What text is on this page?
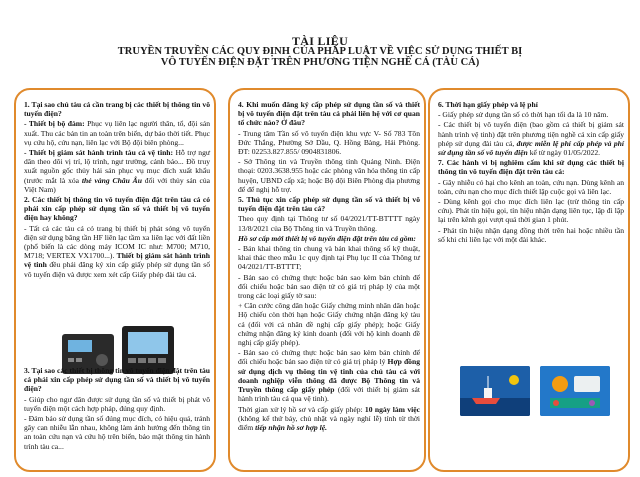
TÀI LIỆU
TRUYỀN TRUYỀN CÁC QUY ĐỊNH CỦA PHÁP LUẬT VỀ VIỆC SỬ DỤNG THIẾT BỊ
VÔ TUYẾN ĐIỆN ĐẶT TRÊN PHƯƠNG TIỆN NGHỀ CÁ (TÀU CÁ)

1. Tại sao chủ tàu cá cần trang bị các thiết bị thông tin vô tuyến điện?

- Thiết bị bộ đàm: Phục vụ liên lạc người thân, tổ, đội sản xuất. Thu các bản tin an toàn trên biển, dự báo thời tiết. Phục vụ cứu hộ, cứu nạn, liên lạc với Bộ đội biên phòng...

- Thiết bị giám sát hành trình tàu cá vệ tinh: Hỗ trợ ngư dân theo dõi vị trí, lộ trình, ngư trường, cảnh báo... Đồ truy xuất nguồn gốc thủy hải sản phục vụ mục đích xuất khẩu (trước mắt là xóa thẻ vàng Châu Âu đối với thủy sản của Việt Nam)

2. Các thiết bị thông tin vô tuyến điện đặt trên tàu cá có phải xin cấp phép sử dụng tần số và thiết bị vô tuyến điện hay không?

- Tất cả các tàu cá có trang bị thiết bị phát sóng vô tuyến điện sử dụng băng tần HF liên lạc tầm xa liên lạc với đất liền (phổ biến là các dòng máy ICOM IC như: M700; M710, M718; VERTEX VX1700...). Thiết bị giám sát hành trình vệ tinh đều phải đăng ký xin cấp giấy phép sử dụng tần số vô tuyến điện và được xem xét cấp Giấy phép đài tàu cá.

3. Tại sao các thiết bị thông tin vô tuyến điện đặt trên tàu cá phải xin cấp phép sử dụng tần số và thiết bị vô tuyến điện?

- Giúp cho ngư dân được sử dụng tần số và thiết bị phát vô tuyến điện một cách hợp pháp, đúng quy định.

- Đảm bảo sử dụng tần số đúng mục đích, có hiệu quả, tránh gây can nhiễu lẫn nhau, không làm ảnh hưởng đến thông tin an toàn cứu nạn và cứu hộ trên biển, bảo mật thông tin hành trình tàu ca...

4. Khi muốn đăng ký cấp phép sử dụng tần số và thiết bị vô tuyến điện đặt trên tàu cá phải liên hệ với cơ quan tổ chức nào? Ở đâu?

- Trung tâm Tần số vô tuyến điện khu vực V- Số 783 Tôn Đức Thắng, Phường Sở Dầu, Q. Hồng Bàng, Hải Phòng. ĐT: 02253.827.855/ 0904831806.

- Sở Thông tin và Truyền thông tỉnh Quảng Ninh. Điện thoại: 0203.3638.955 hoặc các phòng văn hóa thông tin cấp huyện, UBND cấp xã; hoặc Bộ đội Biên Phòng địa phương để để nghị hỗ trợ.

5. Thủ tục xin cấp phép sử dụng tần số và thiết bị vô tuyến điện đặt trên tàu cá?

Theo quy định tại Thông tư số 04/2021/TT-BTTTT ngày 13/8/2021 của Bộ Thông tin và Truyền thông.

Hồ sơ cấp mới thiết bị vô tuyến điện đặt trên tàu cá gồm:

- Bản khai thông tin chung và bản khai thông số kỹ thuật, khai thác theo mẫu 1c quy định tại Phụ lục II của Thông tư 04/2021/TT-BTTTT;

- Bản sao có chứng thực hoặc bản sao kèm bản chính để đối chiếu hoặc bản sao điện tử có giá trị pháp lý của một trong các loại giấy tờ sau:

+ Căn cước công dân hoặc Giấy chứng minh nhân dân hoặc Hộ chiếu còn thời hạn hoặc Giấy chứng nhận đăng ký tàu cá (đối với cá nhân đề nghị cấp giấy phép); hoặc Giấy chứng nhận đăng ký kinh doanh (đối với hộ kinh doanh đề nghị cấp giấy phép).

- Bản sao có chứng thực hoặc bản sao kèm bản chính để đối chiếu hoặc bản sao điện tử có giá trị pháp lý Hợp đồng sử dụng dịch vụ thông tin vệ tinh của chủ tàu cá với doanh nghiệp viễn thông đã được Bộ Thông tin và Truyền thông cấp giấy phép (đối với thiết bị giám sát hành trình tàu cá qua vệ tinh).

Thời gian xử lý hồ sơ và cấp giấy phép: 10 ngày làm việc (không kể thứ bảy, chủ nhật và ngày nghỉ lễ) tính từ thời điểm tiếp nhận hồ sơ hợp lệ.

6. Thời hạn giấy phép và lệ phí

- Giấy phép sử dụng tần số có thời hạn tối đa là 10 năm.

- Các thiết bị vô tuyến điện (bao gồm cả thiết bị giám sát hành trình vệ tinh) đặt trên phương tiện nghề cá xin cấp giấy phép sử dụng đài tàu cá, được miễn lệ phí cấp phép và phí sử dụng tần số vô tuyến điện kể từ ngày 01/05/2022.

7. Các hành vi bị nghiêm cấm khi sử dụng các thiết bị thông tin vô tuyến điện đặt trên tàu cá:

- Gây nhiễu có hại cho kênh an toàn, cứu nạn. Dùng kênh an toàn, cứu nạn cho mục đích thiết lập cuộc gọi và liên lạc.

- Dùng kênh gọi cho mục đích liên lạc (trừ thông tin cấp cứu). Phát tín hiệu gọi, tín hiệu nhận dạng liên tục, lặp đi lặp lại trên kênh gọi vượt quá thời gian 1 phút.

- Phát tín hiệu nhận dạng đồng thời trên hai hoặc nhiều tần số khi chỉ liên lạc với một đài khác.
